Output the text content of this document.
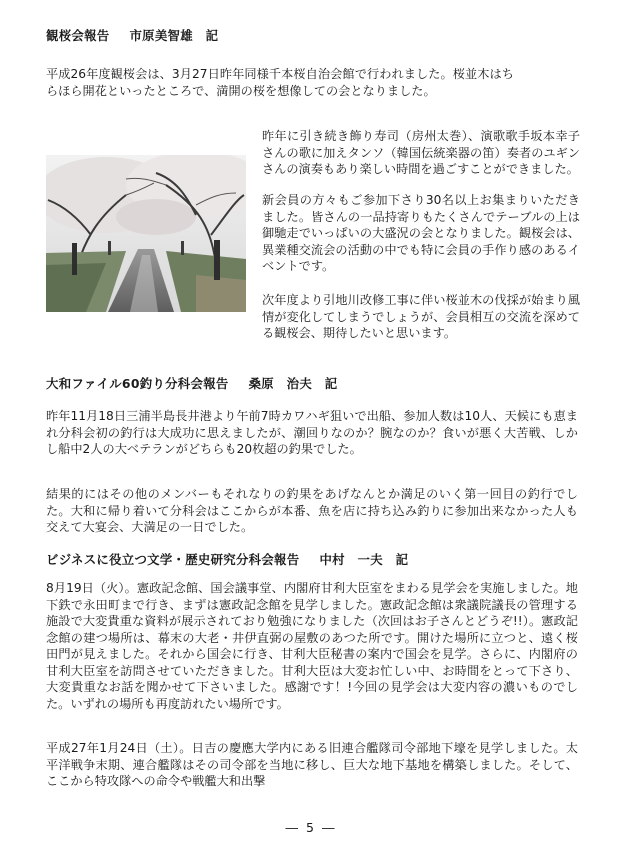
観桜会報告 市原美智雄　記

平成26年度観桜会は、3月27日昨年同様千本桜自治会館で行われました。桜並木はちらほら開花といったところで、満開の桜を想像しての会となりました。

昨年に引き続き飾り寿司（房州太巻）、演歌歌手坂本幸子さんの歌に加えタンソ（韓国伝統楽器の笛）奏者のユギンさんの演奏もあり楽しい時間を過ごすことができました。

新会員の方々もご参加下さり30名以上お集まりいただきました。皆さんの一品持寄りもたくさんでテーブルの上は御馳走でいっぱいの大盛況の会となりました。観桜会は、異業種交流会の活動の中でも特に会員の手作り感のあるイベントです。

次年度より引地川改修工事に伴い桜並木の伐採が始まり風情が変化してしまうでしょうが、会員相互の交流を深めてる観桜会、期待したいと思います。

大和ファイル60釣り分科会報告 桑原　治夫　記

昨年11月18日三浦半島長井港より午前7時カワハギ狙いで出船、参加人数は10人、天候にも恵まれ分科会初の釣行は大成功に思えましたが、潮回りなのか？腕なのか？食いが悪く大苦戦、しかし船中2人の大ベテランがどちらも20枚超の釣果でした。

結果的にはその他のメンバーもそれなりの釣果をあげなんとか満足のいく第一回目の釣行でした。大和に帰り着いて分科会はここからが本番、魚を店に持ち込み釣りに参加出来なかった人も交えて大宴会、大満足の一日でした。

ビジネスに役立つ文学・歴史研究分科会報告 中村　一夫　記

8月19日（火）。憲政記念館、国会議事堂、内閣府甘利大臣室をまわる見学会を実施しました。地下鉄で永田町まで行き、まずは憲政記念館を見学しました。憲政記念館は衆議院議長の管理する施設で大変貴重な資料が展示されており勉強になりました（次回はお子さんとどうぞ!!）。憲政記念館の建つ場所は、幕末の大老・井伊直弼の屋敷のあつた所です。開けた場所に立つと、遠く桜田門が見えました。それから国会に行き、甘利大臣秘書の案内で国会を見学。さらに、内閣府の甘利大臣室を訪問させていただきました。甘利大臣は大変お忙しい中、お時間をとって下さり、大変貴重なお話を聞かせて下さいました。感謝です！!今回の見学会は大変内容の濃いものでした。いずれの場所も再度訪れたい場所です。

平成27年1月24日（土）。日吉の慶應大学内にある旧連合艦隊司令部地下壕を見学しました。太平洋戦争末期、連合艦隊はその司令部を当地に移し、巨大な地下基地を構築しました。そして、ここから特攻隊への命令や戦艦大和出撃

― 5 ―
